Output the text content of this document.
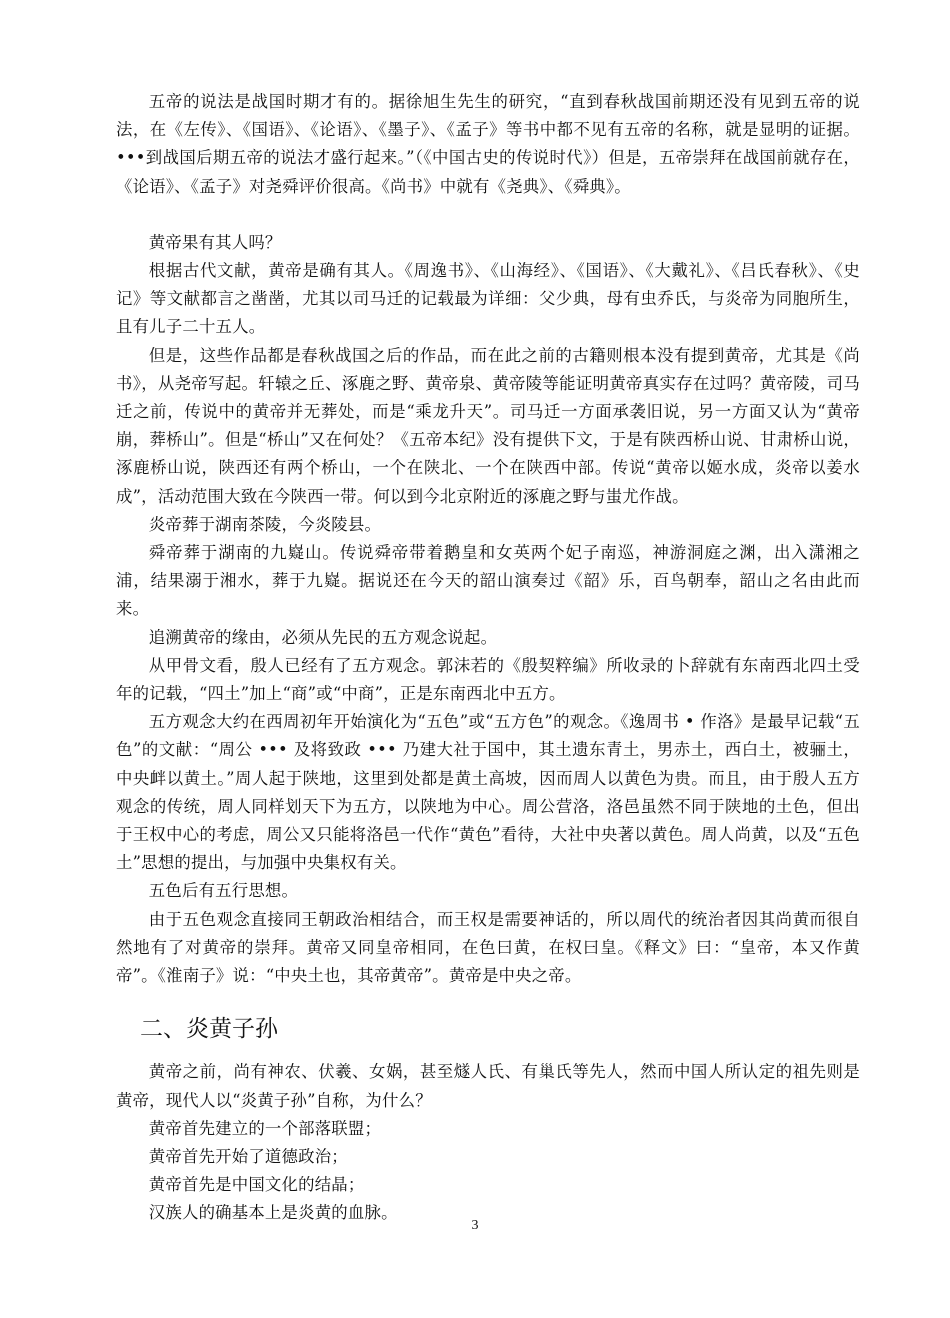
五帝的说法是战国时期才有的。据徐旭生先生的研究，“直到春秋战国前期还没有见到五帝的说法，在《左传》、《国语》、《论语》、《墨子》、《孟子》等书中都不见有五帝的名称，就是显明的证据。•••到战国后期五帝的说法才盛行起来。”（《中国古史的传说时代》）但是，五帝崇拜在战国前就存在，《论语》、《孟子》对尧舜评价很高。《尚书》中就有《尧典》、《舜典》。

黄帝果有其人吗？

根据古代文献，黄帝是确有其人。《周逸书》、《山海经》、《国语》、《大戴礼》、《吕氏春秋》、《史记》等文献都言之凿凿，尤其以司马迁的记载最为详细：父少典，母有虫乔氏，与炎帝为同胞所生，且有儿子二十五人。

但是，这些作品都是春秋战国之后的作品，而在此之前的古籍则根本没有提到黄帝，尤其是《尚书》，从尧帝写起。轩辕之丘、涿鹿之野、黄帝泉、黄帝陵等能证明黄帝真实存在过吗？黄帝陵，司马迁之前，传说中的黄帝并无葬处，而是“乘龙升天”。司马迁一方面承袭旧说，另一方面又认为“黄帝崩，葬桥山”。但是“桥山”又在何处？《五帝本纪》没有提供下文，于是有陕西桥山说、甘肃桥山说，涿鹿桥山说，陕西还有两个桥山，一个在陕北、一个在陕西中部。传说“黄帝以姬水成，炎帝以姜水成”，活动范围大致在今陕西一带。何以到今北京附近的涿鹿之野与蚩尤作战。

炎帝葬于湖南茶陵，今炎陵县。

舜帝葬于湖南的九嶷山。传说舜帝带着鹅皇和女英两个妃子南巡，神游洞庭之渊，出入潇湘之浦，结果溺于湘水，葬于九嶷。据说还在今天的韶山演奏过《韶》乐，百鸟朝奉，韶山之名由此而来。

追溯黄帝的缘由，必须从先民的五方观念说起。

从甲骨文看，殷人已经有了五方观念。郭沫若的《殷契粹编》所收录的卜辞就有东南西北四土受年的记载，“四土”加上“商”或“中商”，正是东南西北中五方。

五方观念大约在西周初年开始演化为“五色”或“五方色”的观念。《逸周书 • 作洛》是最早记载“五色”的文献：“周公 ••• 及将致政 ••• 乃建大社于国中，其土遗东青土，男赤土，西白土，被骊土，中央衅以黄土。”周人起于陕地，这里到处都是黄土高坡，因而周人以黄色为贵。而且，由于殷人五方观念的传统，周人同样划天下为五方，以陕地为中心。周公营洛，洛邑虽然不同于陕地的土色，但出于王权中心的考虑，周公又只能将洛邑一代作“黄色”看待，大社中央著以黄色。周人尚黄，以及“五色土”思想的提出，与加强中央集权有关。

五色后有五行思想。

由于五色观念直接同王朝政治相结合，而王权是需要神话的，所以周代的统治者因其尚黄而很自然地有了对黄帝的崇拜。黄帝又同皇帝相同，在色曰黄，在权曰皇。《释文》曰：“皇帝，本又作黄帝”。《淮南子》说：“中央土也，其帝黄帝”。黄帝是中央之帝。

二、炎黄子孙

黄帝之前，尚有神农、伏羲、女娲，甚至燧人氏、有巢氏等先人，然而中国人所认定的祖先则是黄帝，现代人以“炎黄子孙”自称，为什么？

黄帝首先建立的一个部落联盟；

黄帝首先开始了道德政治；

黄帝首先是中国文化的结晶；

汉族人的确基本上是炎黄的血脉。

3
